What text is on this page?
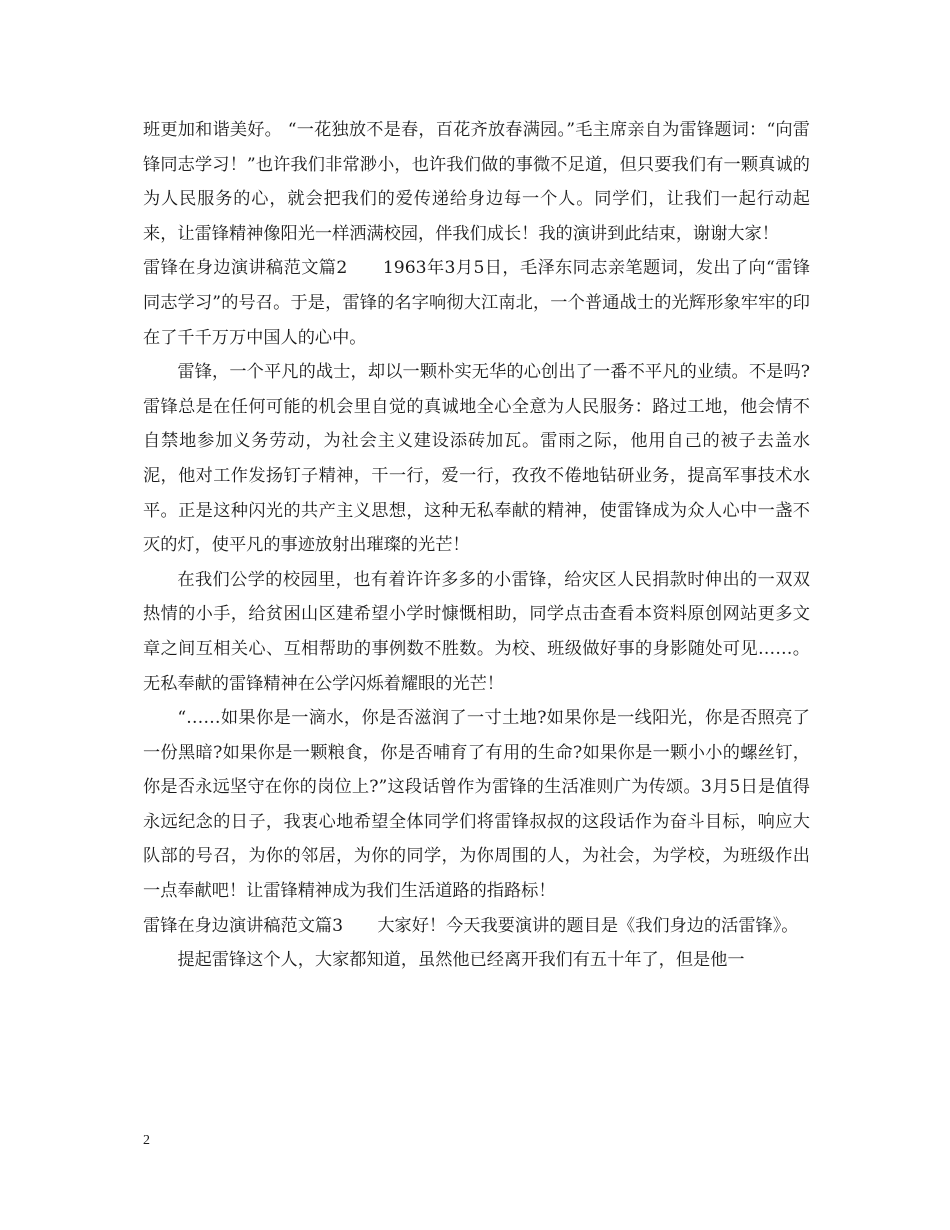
班更加和谐美好。 “一花独放不是春，百花齐放春满园。”毛主席亲自为雷锋题词：“向雷锋同志学习！”也许我们非常渺小，也许我们做的事微不足道，但只要我们有一颗真诚的为人民服务的心，就会把我们的爱传递给身边每一个人。同学们，让我们一起行动起来，让雷锋精神像阳光一样洒满校园，伴我们成长！我的演讲到此结束，谢谢大家！

雷锋在身边演讲稿范文篇2　　1963年3月5日，毛泽东同志亲笔题词，发出了向“雷锋同志学习”的号召。于是，雷锋的名字响彻大江南北，一个普通战士的光辉形象牢牢的印在了千千万万中国人的心中。

雷锋，一个平凡的战士，却以一颗朴实无华的心创出了一番不平凡的业绩。不是吗?雷锋总是在任何可能的机会里自觉的真诚地全心全意为人民服务：路过工地，他会情不自禁地参加义务劳动，为社会主义建设添砖加瓦。雷雨之际，他用自己的被子去盖水泥，他对工作发扬钉子精神，干一行，爱一行，孜孜不倦地钻研业务，提高军事技术水平。正是这种闪光的共产主义思想，这种无私奉献的精神，使雷锋成为众人心中一盏不灭的灯，使平凡的事迹放射出璀璨的光芒！

在我们公学的校园里，也有着许许多多的小雷锋，给灾区人民捐款时伸出的一双双热情的小手，给贫困山区建希望小学时慷慨相助，同学点击查看本资料原创网站更多文章之间互相关心、互相帮助的事例数不胜数。为校、班级做好事的身影随处可见……。无私奉献的雷锋精神在公学闪烁着耀眼的光芒！

“……如果你是一滴水，你是否滋润了一寸土地?如果你是一线阳光，你是否照亮了一份黑暗?如果你是一颗粮食，你是否哺育了有用的生命?如果你是一颗小小的螺丝钉，你是否永远坚守在你的岗位上?”这段话曾作为雷锋的生活准则广为传颂。3月5日是值得永远纪念的日子，我衷心地希望全体同学们将雷锋叔叔的这段话作为奋斗目标，响应大队部的号召，为你的邻居，为你的同学，为你周围的人，为社会，为学校，为班级作出一点奉献吧！让雷锋精神成为我们生活道路的指路标！

雷锋在身边演讲稿范文篇3　　大家好！今天我要演讲的题目是《我们身边的活雷锋》。

提起雷锋这个人，大家都知道，虽然他已经离开我们有五十年了，但是他一

2
